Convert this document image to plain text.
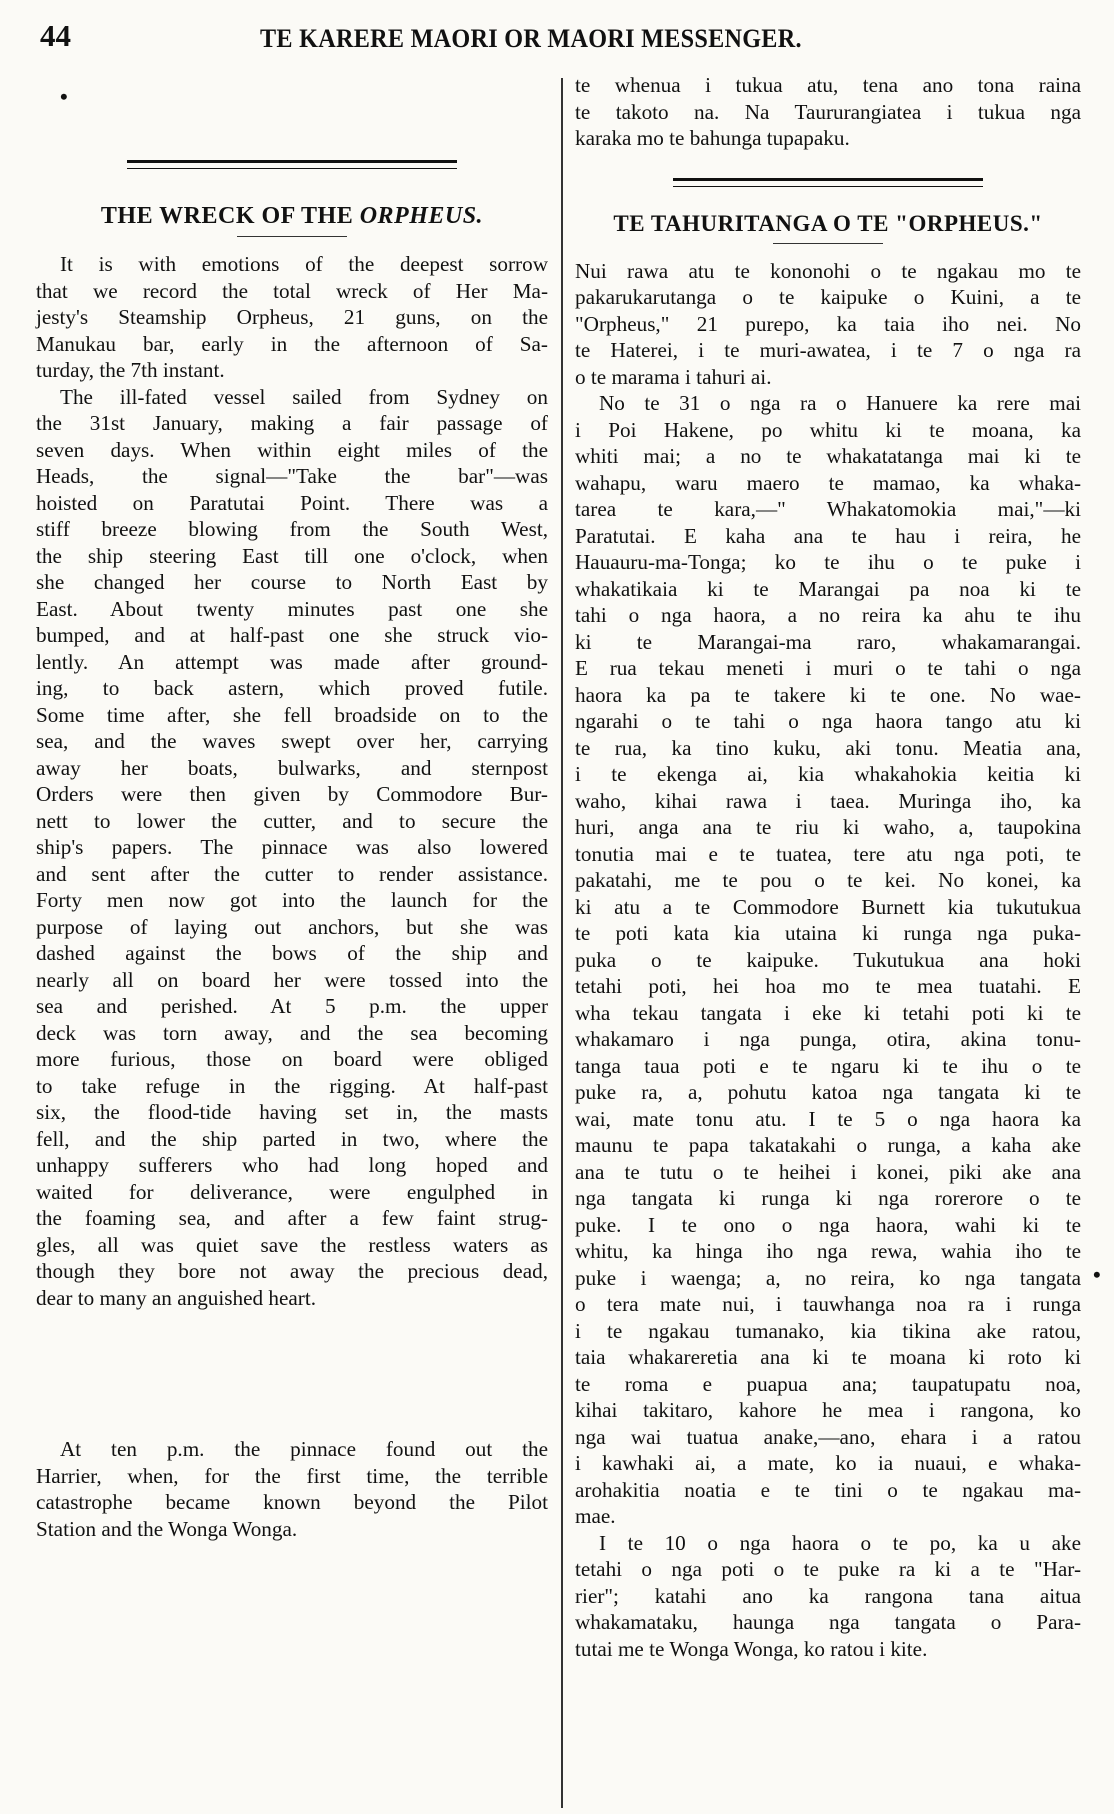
44	TE KARERE MAORI OR MAORI MESSENGER.
THE WRECK OF THE ORPHEUS.
It is with emotions of the deepest sorrow
that we record the total wreck of Her Ma-
jesty's Steamship Orpheus, 21 guns, on the
Manukau bar, early in the afternoon of Sa-
turday, the 7th instant.
The ill-fated vessel sailed from Sydney on
the 31st January, making a fair passage of
seven days. When within eight miles of the
Heads, the signal—"Take the bar"—was
hoisted on Paratutai Point. There was a
stiff breeze blowing from the South West,
the ship steering East till one o'clock, when
she changed her course to North East by
East. About twenty minutes past one she
bumped, and at half-past one she struck vio-
lently. An attempt was made after ground-
ing, to back astern, which proved futile.
Some time after, she fell broadside on to the
sea, and the waves swept over her, carrying
away her boats, bulwarks, and sternpost
Orders were then given by Commodore Bur-
nett to lower the cutter, and to secure the
ship's papers. The pinnace was also lowered
and sent after the cutter to render assistance.
Forty men now got into the launch for the
purpose of laying out anchors, but she was
dashed against the bows of the ship and
nearly all on board her were tossed into the
sea and perished. At 5 p.m. the upper
deck was torn away, and the sea becoming
more furious, those on board were obliged
to take refuge in the rigging. At half-past
six, the flood-tide having set in, the masts
fell, and the ship parted in two, where the
unhappy sufferers who had long hoped and
waited for deliverance, were engulphed in
the foaming sea, and after a few faint strug-
gles, all was quiet save the restless waters as
though they bore not away the precious dead,
dear to many an anguished heart.
At ten p.m. the pinnace found out the
Harrier, when, for the first time, the terrible
catastrophe became known beyond the Pilot
Station and the Wonga Wonga.
•	te whenua i tukua atu, tena ano tona raina
te takoto na. Na Taururangiatea i tukua nga
karaka mo te bahunga tupapaku.
TE TAHURITANGA O TE "ORPHEUS."
Nui rawa atu te kononohi o te ngakau mo te
pakarukarutanga o te kaipuke o Kuini, a te
"Orpheus," 21 purepo, ka taia iho nei. No
te Haterei, i te muri-awatea, i te 7 o nga ra
o te marama i tahuri ai.
No te 31 o nga ra o Hanuere ka rere mai
i Poi Hakene, po whitu ki te moana, ka
whiti mai; a no te whakatatanga mai ki te
wahapu, waru maero te mamao, ka whaka-
tarea te kara,—" Whakatomokia mai,"—ki
Paratutai. E kaha ana te hau i reira, he
Hauauru-ma-Tonga; ko te ihu o te puke i
whakatikaia ki te Marangai pa noa ki te
tahi o nga haora, a no reira ka ahu te ihu
ki te Marangai-ma raro, whakamarangai.
E rua tekau meneti i muri o te tahi o nga
haora ka pa te takere ki te one. No wae-
ngarahi o te tahi o nga haora tango atu ki
te rua, ka tino kuku, aki tonu. Meatia ana,
i te ekenga ai, kia whakahokia keitia ki
waho, kihai rawa i taea. Muringa iho, ka
huri, anga ana te riu ki waho, a, taupokina
tonutia mai e te tuatea, tere atu nga poti, te
pakatahi, me te pou o te kei. No konei, ka
ki atu a te Commodore Burnett kia tukutukua
te poti kata kia utaina ki runga nga puka-
puka o te kaipuke. Tukutukua ana hoki
tetahi poti, hei hoa mo te mea tuatahi. E
wha tekau tangata i eke ki tetahi poti ki te
whakamaro i nga punga, otira, akina tonu-
tanga taua poti e te ngaru ki te ihu o te
puke ra, a, pohutu katoa nga tangata ki te
wai, mate tonu atu. I te 5 o nga haora ka
maunu te papa takatakahi o runga, a kaha ake
ana te tutu o te heihei i konei, piki ake ana
nga tangata ki runga ki nga rorerore o te
puke. I te ono o nga haora, wahi ki te
whitu, ka hinga iho nga rewa, wahia iho te
puke i waenga; a, no reira, ko nga tangata
o tera mate nui, i tauwhanga noa ra i runga
i te ngakau tumanako, kia tikina ake ratou,
taia whakareretia ana ki te moana ki roto ki
te roma e puapua ana; taupatupatu noa,
kihai takitaro, kahore he mea i rangona, ko
nga wai tuatua anake,—ano, ehara i a ratou
i kawhaki ai, a mate, ko ia nuaui, e whaka-
arohakitia noatia e te tini o te ngakau ma-
mae.
I te 10 o nga haora o te po, ka u ake
tetahi o nga poti o te puke ra ki a te "Har-
rier"; katahi ano ka rangona tana aitua
whakamataku, haunga nga tangata o Para-
tutai me te Wonga Wonga, ko ratou i kite.
•
